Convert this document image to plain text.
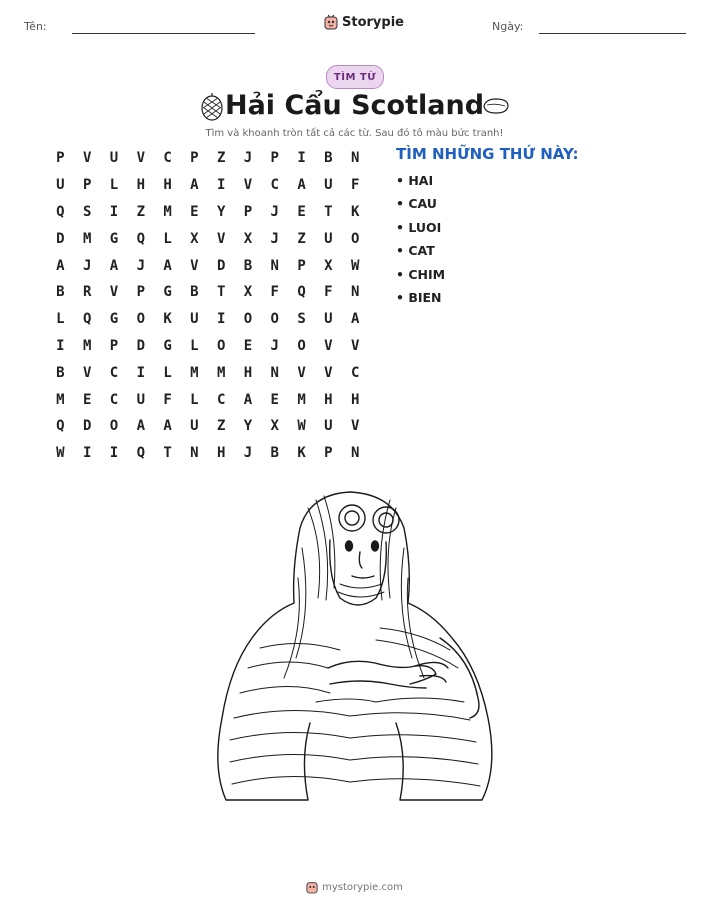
Tên:	Storypie	Ngày:
TÌM TỪ
Hải Cẩu Scotland
Tìm và khoanh tròn tất cả các từ. Sau đó tô màu bức tranh!
P	V	U	V	C	P	Z	J	P	I	B	N
U	P	L	H	H	A	I	V	C	A	U	F
Q	S	I	Z	M	E	Y	P	J	E	T	K
D	M	G	Q	L	X	V	X	J	Z	U	O
A	J	A	J	A	V	D	B	N	P	X	W
B	R	V	P	G	B	T	X	F	Q	F	N
L	Q	G	O	K	U	I	O	O	S	U	A
I	M	P	D	G	L	O	E	J	O	V	V
B	V	C	I	L	M	M	H	N	V	V	C
M	E	C	U	F	L	C	A	E	M	H	H
Q	D	O	A	A	U	Z	Y	X	W	U	V
W	I	I	Q	T	N	H	J	B	K	P	N
TÌM NHỮNG THỨ NÀY:
• HAI
• CAU
• LUOI
• CAT
• CHIM
• BIEN
mystorypie.com
